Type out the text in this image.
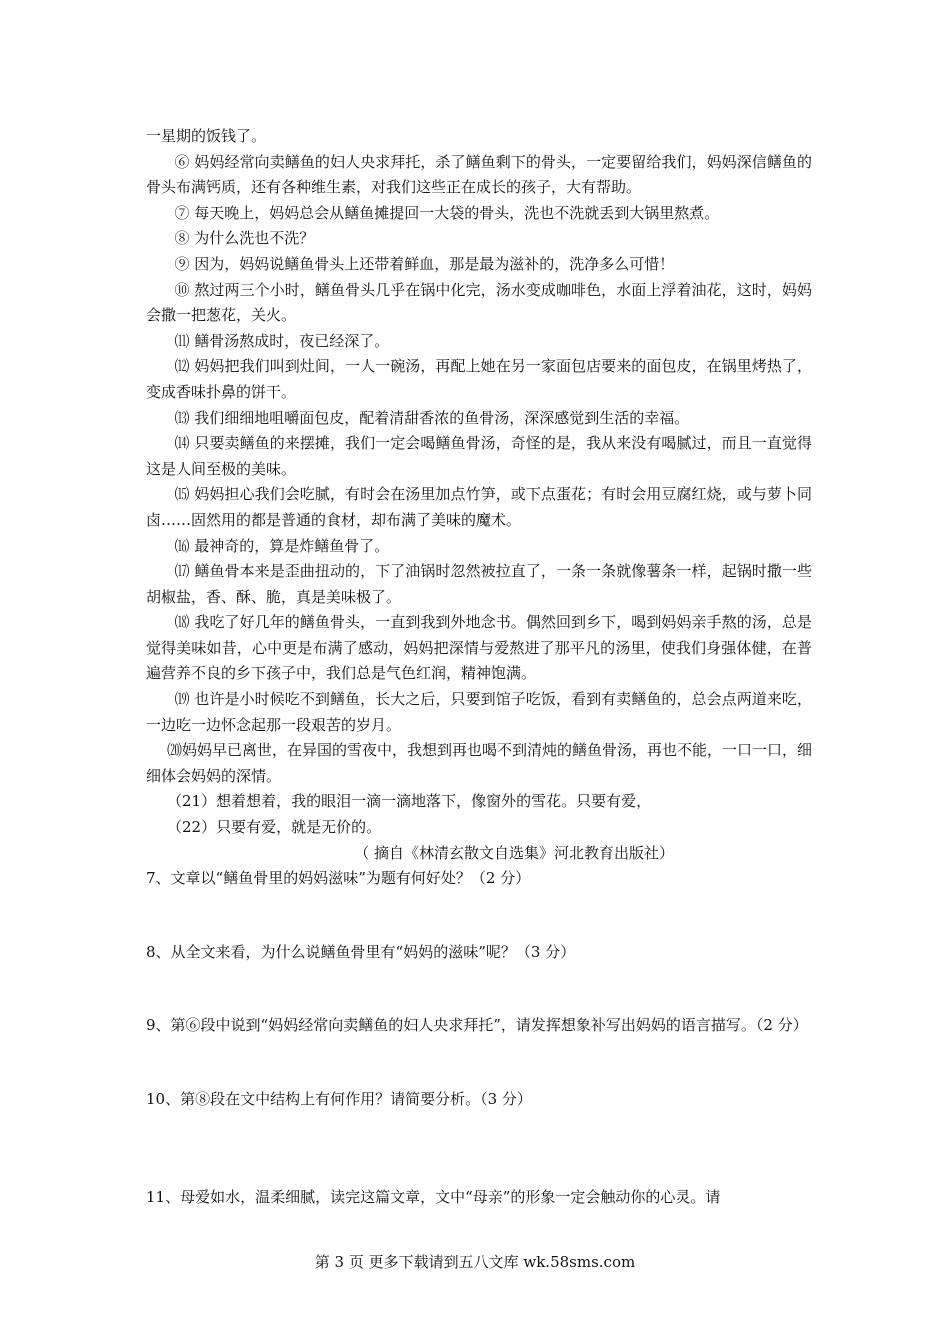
一星期的饭钱了。

⑥ 妈妈经常向卖鳝鱼的妇人央求拜托，杀了鳝鱼剩下的骨头，一定要留给我们，妈妈深信鳝鱼的骨头布满钙质，还有各种维生素，对我们这些正在成长的孩子，大有帮助。

⑦ 每天晚上，妈妈总会从鳝鱼摊提回一大袋的骨头，洗也不洗就丢到大锅里熬煮。

⑧ 为什么洗也不洗？

⑨ 因为，妈妈说鳝鱼骨头上还带着鲜血，那是最为滋补的，洗净多么可惜！

⑩ 熬过两三个小时，鳝鱼骨头几乎在锅中化完，汤水变成咖啡色，水面上浮着油花，这时，妈妈会撒一把葱花，关火。

⑾ 鳝骨汤熬成时，夜已经深了。

⑿ 妈妈把我们叫到灶间，一人一碗汤，再配上她在另一家面包店要来的面包皮，在锅里烤热了，变成香味扑鼻的饼干。

⒀ 我们细细地咀嚼面包皮，配着清甜香浓的鱼骨汤，深深感觉到生活的幸福。

⒁ 只要卖鳝鱼的来摆摊，我们一定会喝鳝鱼骨汤，奇怪的是，我从来没有喝腻过，而且一直觉得这是人间至极的美味。

⒂ 妈妈担心我们会吃腻，有时会在汤里加点竹笋，或下点蛋花；有时会用豆腐红烧，或与萝卜同卤……固然用的都是普通的食材，却布满了美味的魔术。

⒃ 最神奇的，算是炸鳝鱼骨了。

⒄ 鳝鱼骨本来是歪曲扭动的，下了油锅时忽然被拉直了，一条一条就像薯条一样，起锅时撒一些胡椒盐，香、酥、脆，真是美味极了。

⒅ 我吃了好几年的鳝鱼骨头，一直到我到外地念书。偶然回到乡下，喝到妈妈亲手熬的汤，总是觉得美味如昔，心中更是布满了感动，妈妈把深情与爱熬进了那平凡的汤里，使我们身强体健，在普遍营养不良的乡下孩子中，我们总是气色红润，精神饱满。

⒆ 也许是小时候吃不到鳝鱼，长大之后，只要到馆子吃饭，看到有卖鳝鱼的，总会点两道来吃，一边吃一边怀念起那一段艰苦的岁月。

⒇妈妈早已离世，在异国的雪夜中，我想到再也喝不到清炖的鳝鱼骨汤，再也不能，一口一口，细细体会妈妈的深情。

（21）想着想着，我的眼泪一滴一滴地落下，像窗外的雪花。只要有爱，

（22）只要有爱，就是无价的。

（ 摘自《林清玄散文自选集》河北教育出版社）

7、文章以“鳝鱼骨里的妈妈滋味”为题有何好处？（2 分）

8、从全文来看，为什么说鳝鱼骨里有“妈妈的滋味”呢？（3 分）

9、第⑥段中说到“妈妈经常向卖鳝鱼的妇人央求拜托”，请发挥想象补写出妈妈的语言描写。（2 分）

10、第⑧段在文中结构上有何作用？请简要分析。（3 分）

11、母爱如水，温柔细腻，读完这篇文章，文中“母亲”的形象一定会触动你的心灵。请

第 3 页 更多下载请到五八文库 wk.58sms.com
